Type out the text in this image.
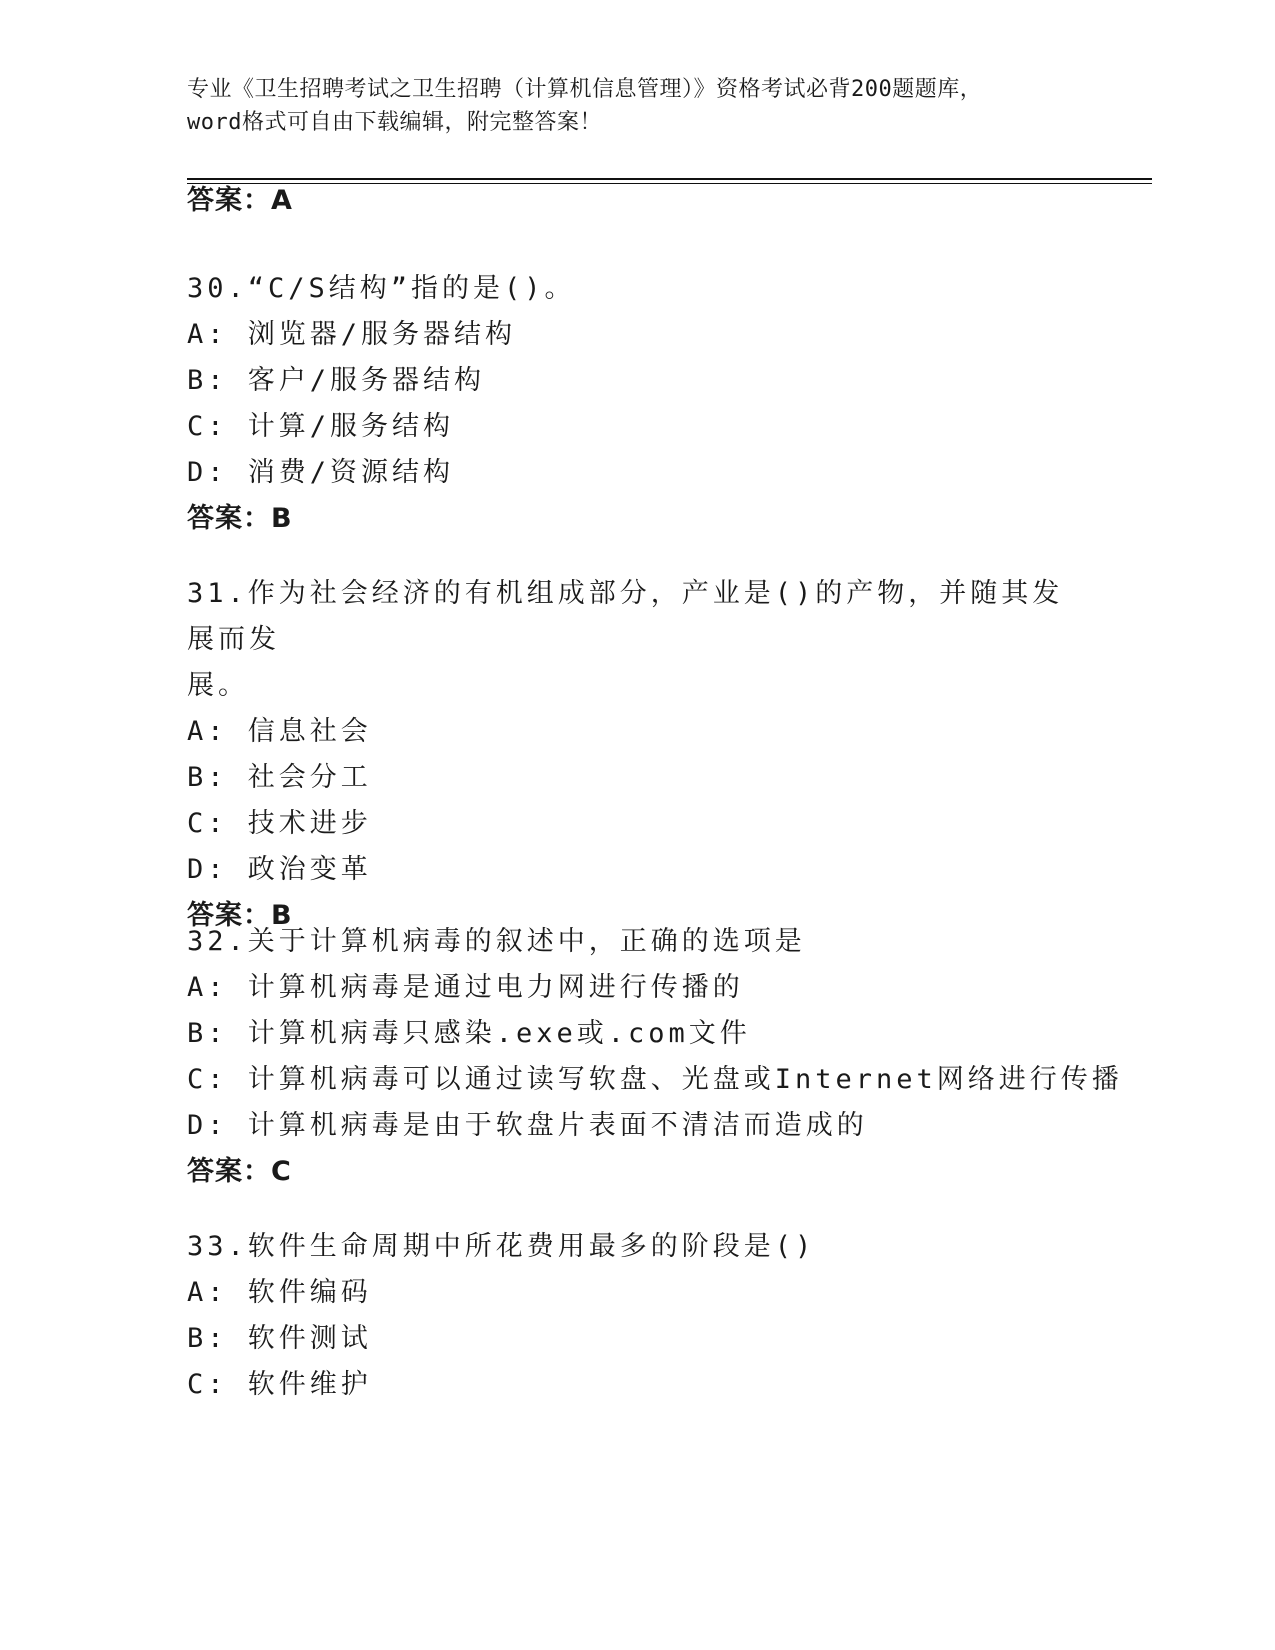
专业《卫生招聘考试之卫生招聘（计算机信息管理）》资格考试必背200题题库，
word格式可自由下载编辑，附完整答案！
答案：A
30.“C/S结构”指的是()。
A: 浏览器/服务器结构
B: 客户/服务器结构
C: 计算/服务结构
D: 消费/资源结构
答案：B
31.作为社会经济的有机组成部分，产业是()的产物，并随其发展而发
展。
A: 信息社会
B: 社会分工
C: 技术进步
D: 政治变革
答案：B
32.关于计算机病毒的叙述中，正确的选项是
A: 计算机病毒是通过电力网进行传播的
B: 计算机病毒只感染.exe或.com文件
C: 计算机病毒可以通过读写软盘、光盘或Internet网络进行传播
D: 计算机病毒是由于软盘片表面不清洁而造成的
答案：C
33.软件生命周期中所花费用最多的阶段是()
A: 软件编码
B: 软件测试
C: 软件维护
